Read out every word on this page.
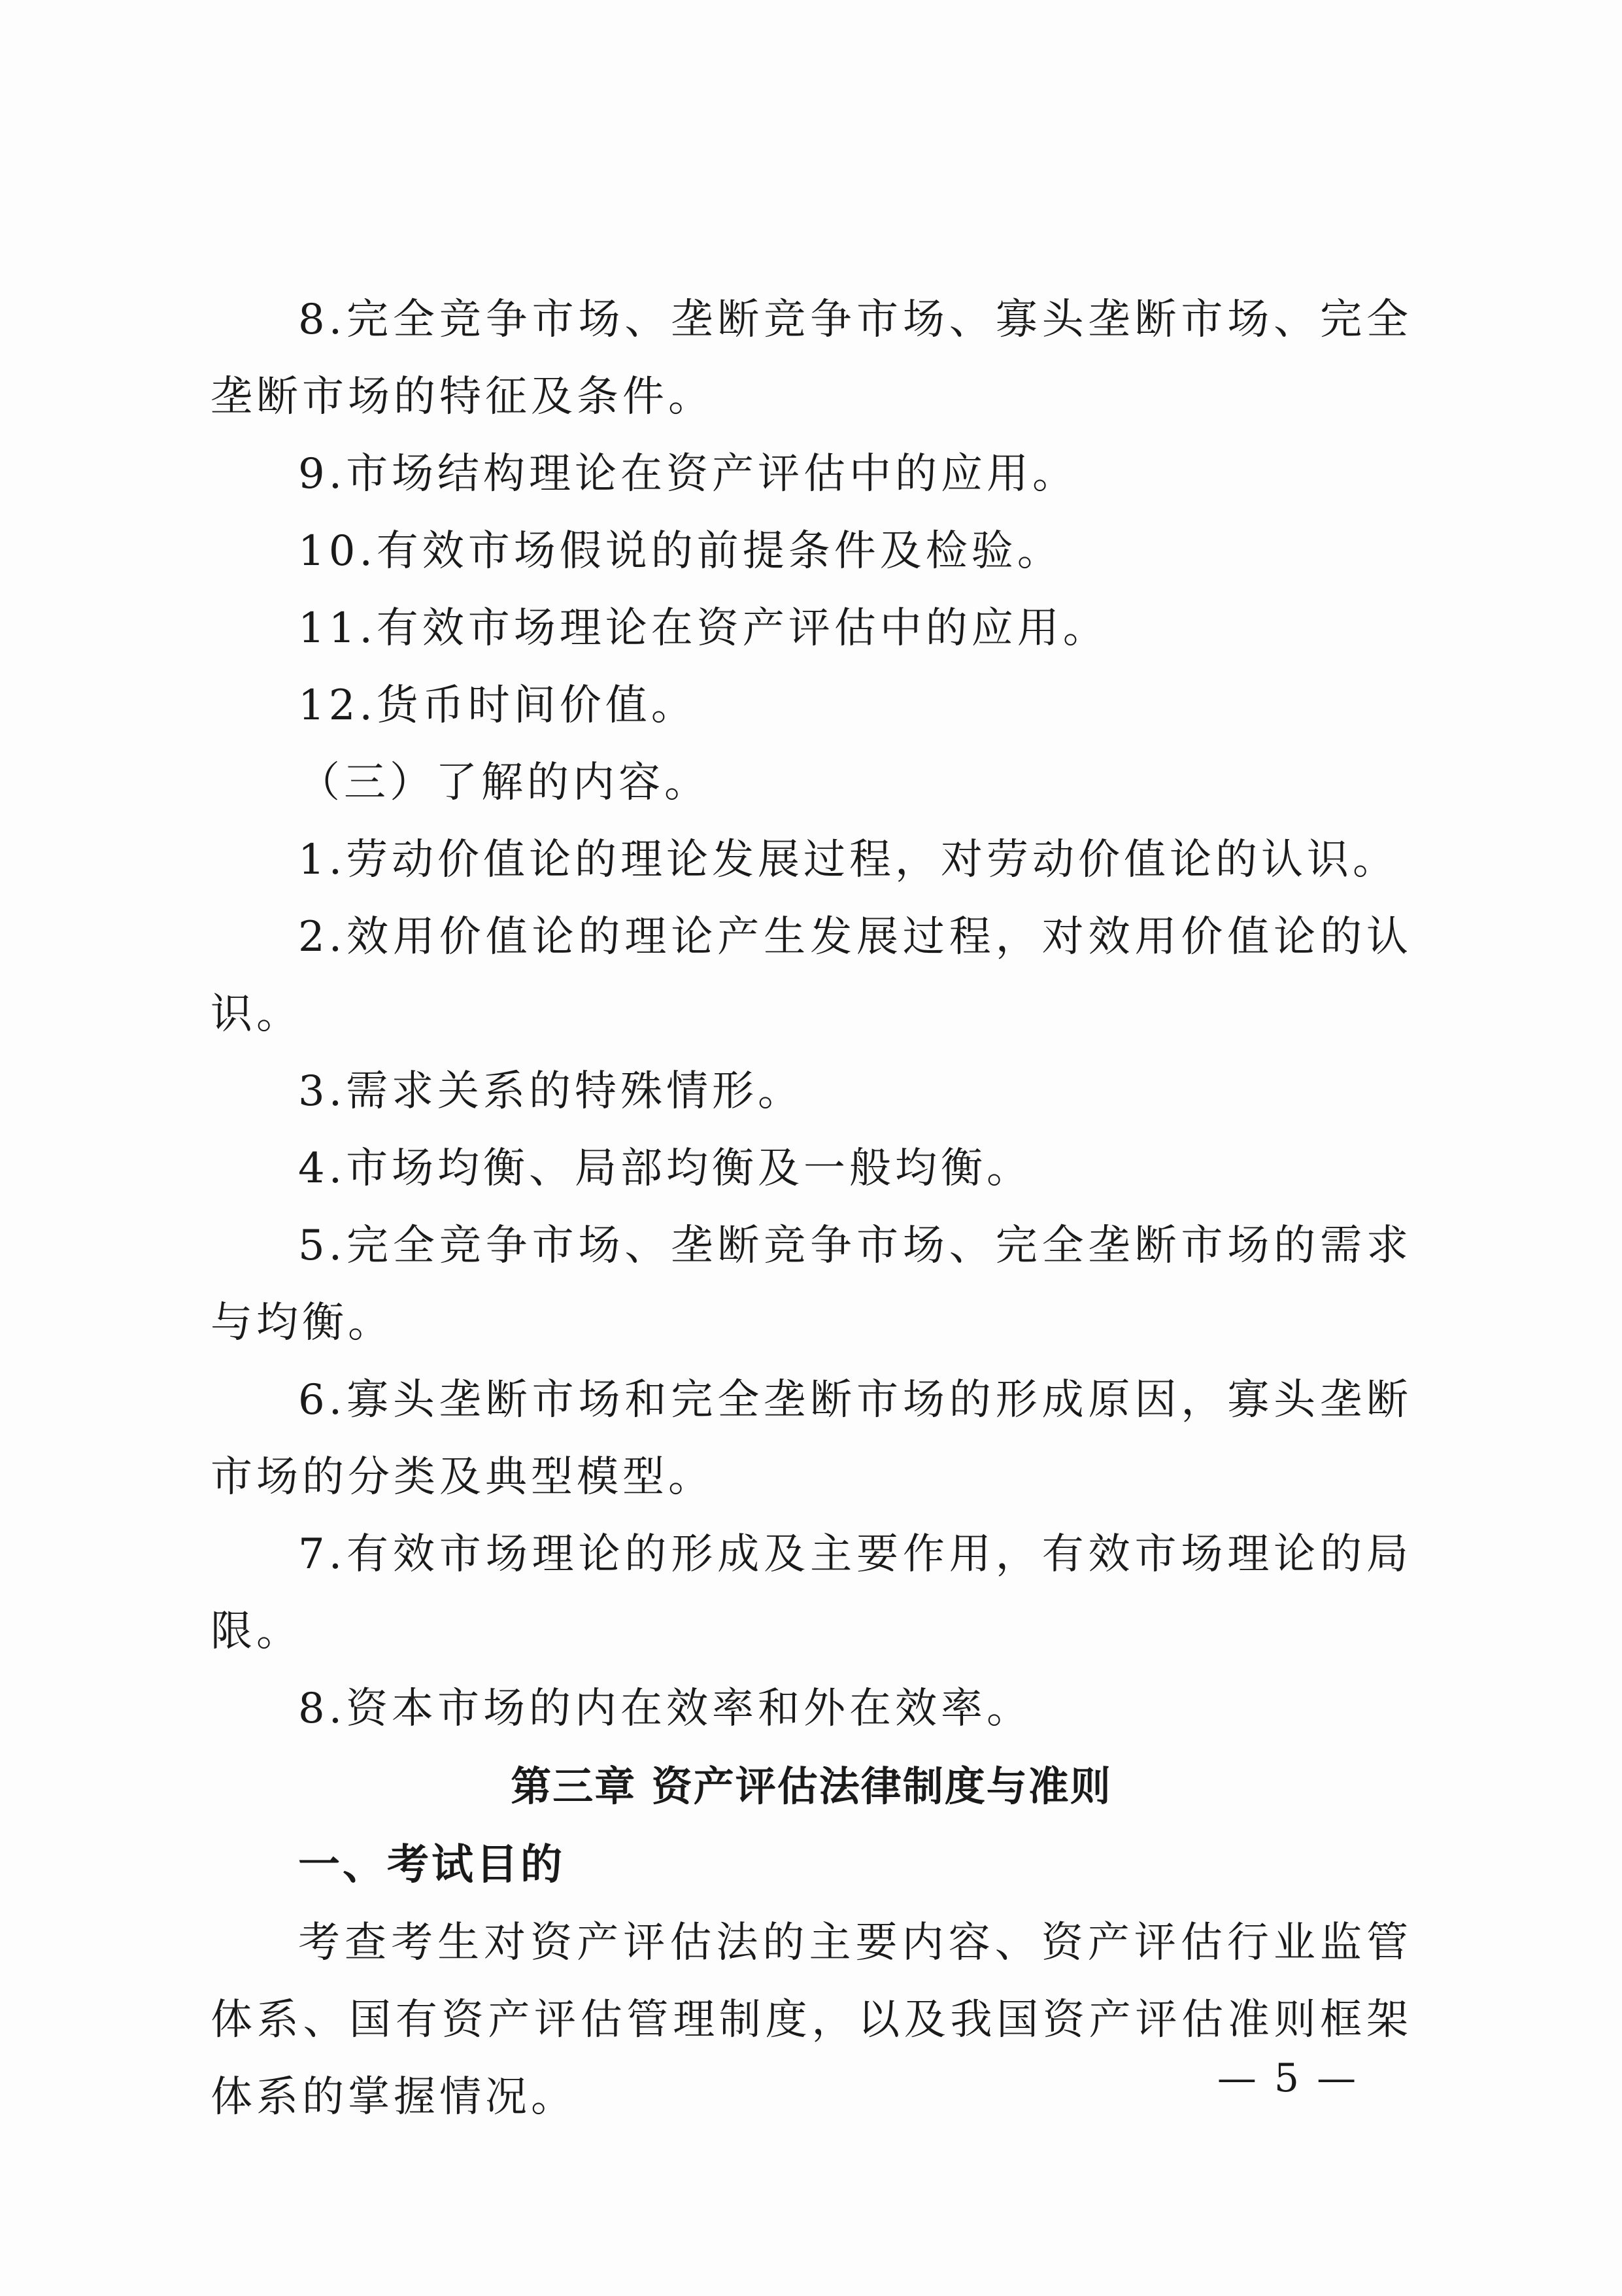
8.完全竞争市场、垄断竞争市场、寡头垄断市场、完全垄断市场的特征及条件。

9.市场结构理论在资产评估中的应用。

10.有效市场假说的前提条件及检验。

11.有效市场理论在资产评估中的应用。

12.货币时间价值。

（三）了解的内容。

1.劳动价值论的理论发展过程，对劳动价值论的认识。

2.效用价值论的理论产生发展过程，对效用价值论的认识。

3.需求关系的特殊情形。

4.市场均衡、局部均衡及一般均衡。

5.完全竞争市场、垄断竞争市场、完全垄断市场的需求与均衡。

6.寡头垄断市场和完全垄断市场的形成原因，寡头垄断市场的分类及典型模型。

7.有效市场理论的形成及主要作用，有效市场理论的局限。

8.资本市场的内在效率和外在效率。

第三章 资产评估法律制度与准则

一、考试目的

考查考生对资产评估法的主要内容、资产评估行业监管体系、国有资产评估管理制度，以及我国资产评估准则框架体系的掌握情况。	— 5 —
